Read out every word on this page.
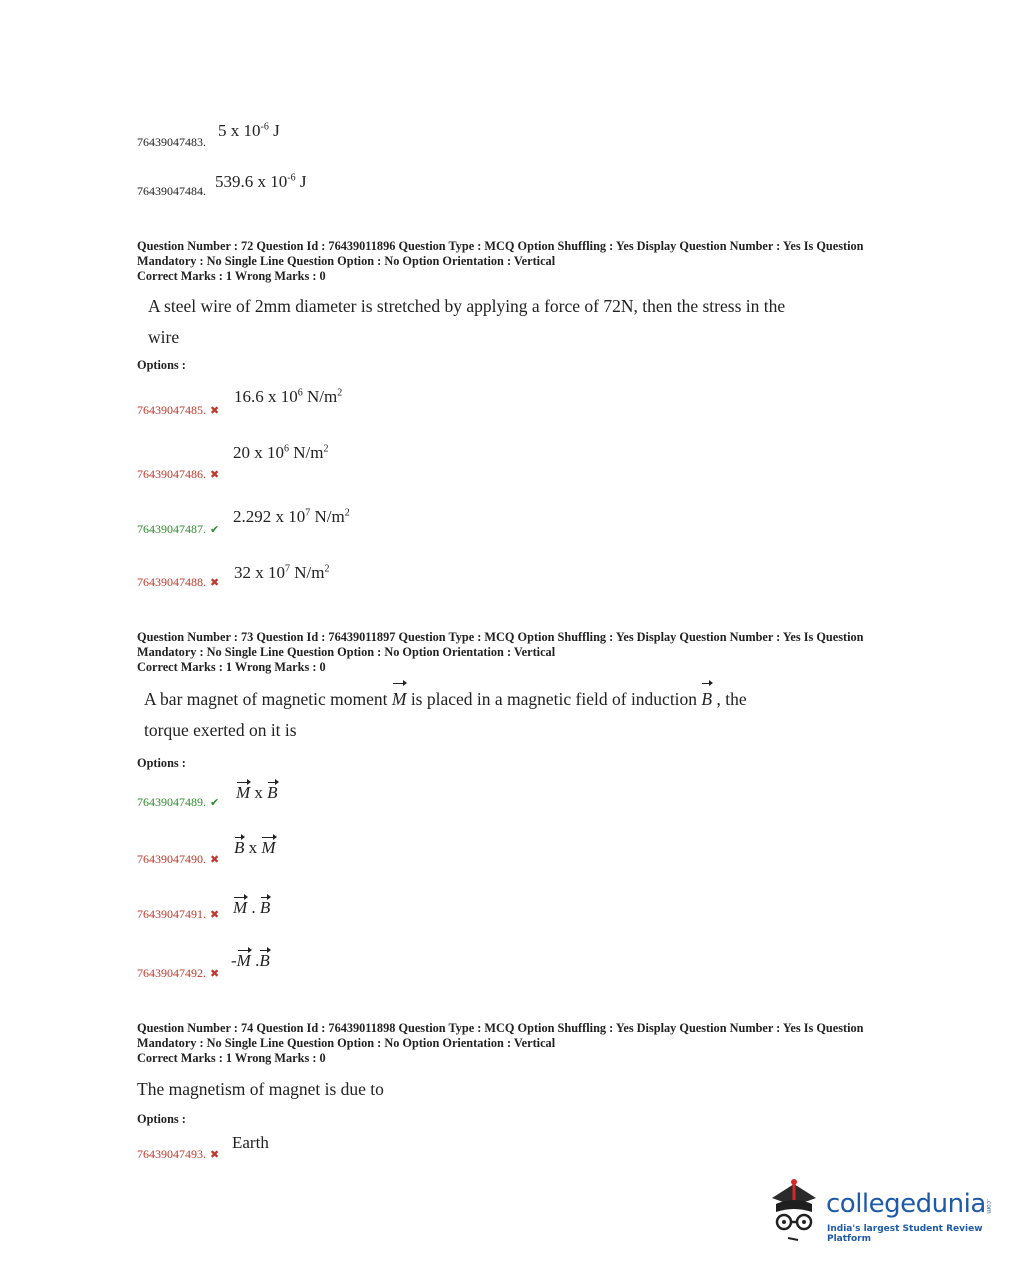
76439047483.
5 x $10^{-6}$ J
76439047484. 539.6 x $10^{-6}$ J
Question Number : 72 Question Id : 76439011896 Question Type : MCQ Option Shuffling : Yes Display Question Number : Yes Is Question
Mandatory : No Single Line Question Option : No Option Orientation : Vertical
Correct Marks : 1 Wrong Marks : 0
A steel wire of 2mm diameter is stretched by applying a force of 72N, then the stress in the
wire
Options :
76439047485. ✖
16.6 x $10^6$ $N/m^2$
76439047486. ✖
20 x $10^6$ $N/m^2$
76439047487. ✔
2.292 x $10^7$ $N/m^2$
76439047488. ✖
32 x $10^7$ $N/m^2$
Question Number : 73 Question Id : 76439011897 Question Type : MCQ Option Shuffling : Yes Display Question Number : Yes Is Question
Mandatory : No Single Line Question Option : No Option Orientation : Vertical
Correct Marks : 1 Wrong Marks : 0
A bar magnet of magnetic moment M is placed in a magnetic field of induction B , the
torque exerted on it is
Options :
76439047489. ✔
M x B
76439047490. ✖
B x M
76439047491. ✖ M . B
76439047492. ✖
-M .B
Question Number : 74 Question Id : 76439011898 Question Type : MCQ Option Shuffling : Yes Display Question Number : Yes Is Question
Mandatory : No Single Line Question Option : No Option Orientation : Vertical
Correct Marks : 1 Wrong Marks : 0
The magnetism of magnet is due to
Options :
76439047493. ✖
Earth
collegedunia .com
India's largest Student Review Platform
